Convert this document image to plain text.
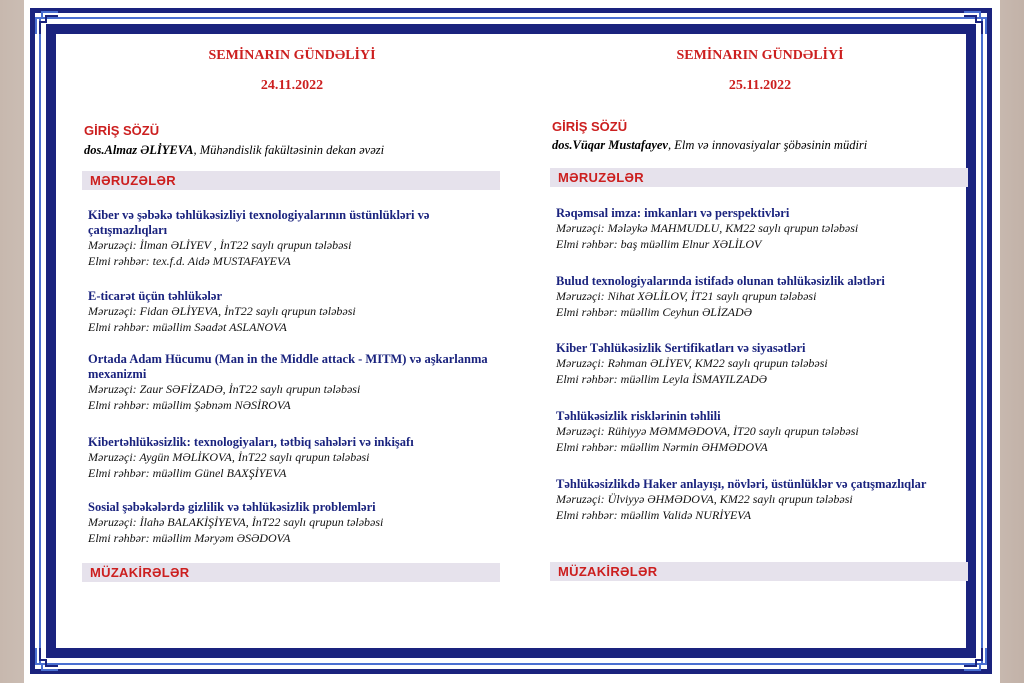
SEMİNARIN GÜNDƏLİYİ
24.11.2022
GİRİŞ SÖZÜ
dos.Almaz ƏLİYEVA, Mühəndislik fakültəsinin dekan əvəzi
MƏRUZƏLƏR
Kiber və şəbəkə təhlükəsizliyi texnologiyalarının üstünlükləri və çatışmazlıqları
Məruzəçi: İlman ƏLİYEV , İnT22 saylı qrupun tələbəsi
Elmi rəhbər: tex.f.d. Aidə MUSTAFAYEVA
E-ticarət üçün təhlükələr
Məruzəçi: Fidan ƏLİYEVA, İnT22 saylı qrupun tələbəsi
Elmi rəhbər: müəllim Səadət ASLANOVA
Ortada Adam Hücumu (Man in the Middle attack - MITM) və aşkarlanma mexanizmi
Məruzəçi: Zaur SƏFİZADƏ, İnT22 saylı qrupun tələbəsi
Elmi rəhbər: müəllim Şəbnəm NƏSİROVA
Kibertəhlükəsizlik: texnologiyaları, tətbiq sahələri və inkişafı
Məruzəçi: Aygün MƏLİKOVA, İnT22 saylı qrupun tələbəsi
Elmi rəhbər: müəllim Günel BAXŞİYEVA
Sosial şəbəkələrdə gizlilik və təhlükəsizlik problemləri
Məruzəçi: İlahə BALAKİŞİYEVA, İnT22 saylı qrupun tələbəsi
Elmi rəhbər: müəllim Məryəm ƏSƏDOVA
MÜZAKİRƏLƏR
SEMİNARIN GÜNDƏLİYİ
25.11.2022
GİRİŞ SÖZÜ
dos.Vüqar Mustafayev, Elm və innovasiyalar şöbəsinin müdiri
MƏRUZƏLƏR
Rəqəmsal imza: imkanları və perspektivləri
Məruzəçi: Mələykə MAHMUDLU, KM22 saylı qrupun tələbəsi
Elmi rəhbər: baş müəllim Elnur XƏLİLOV
Bulud texnologiyalarında istifadə olunan təhlükəsizlik alətləri
Məruzəçi: Nihat XƏLİLOV, İT21 saylı qrupun tələbəsi
Elmi rəhbər: müəllim Ceyhun ƏLİZADƏ
Kiber Təhlükəsizlik Sertifikatları və siyasətləri
Məruzəçi: Rəhman ƏLİYEV, KM22 saylı qrupun tələbəsi
Elmi rəhbər: müəllim Leyla İSMAYILZADƏ
Təhlükəsizlik risklərinin təhlili
Məruzəçi: Rühiyyə MƏMMƏDOVA, İT20 saylı qrupun tələbəsi
Elmi rəhbər: müəllim Nərmin ƏHMƏDOVA
Təhlükəsizlikdə Haker anlayışı, növləri, üstünlüklər və çatışmazlıqlar
Məruzəçi: Ülviyyə ƏHMƏDOVA, KM22 saylı qrupun tələbəsi
Elmi rəhbər: müəllim Validə NURİYEVA
MÜZAKİRƏLƏR
